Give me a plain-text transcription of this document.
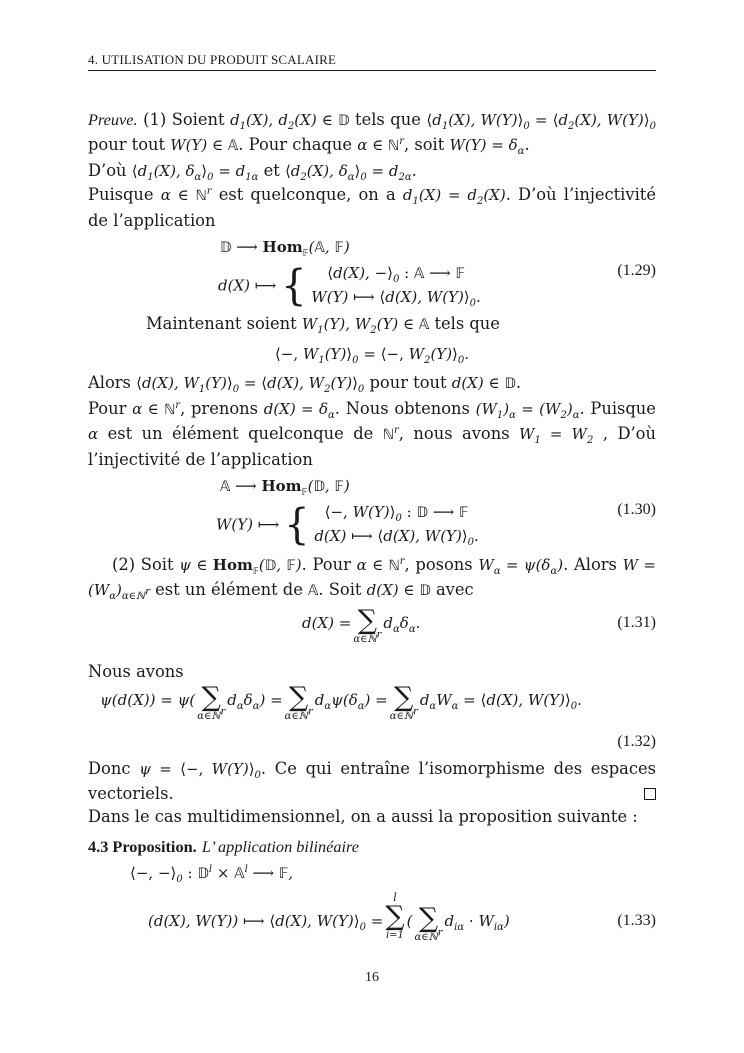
4. UTILISATION DU PRODUIT SCALAIRE

Preuve. (1) Soient $d_1(X)$, $d_2(X)$ ∈ 𝔻 tels que $⟨d_1(X)$, $W(Y)⟩_0$ = $⟨d_2(X)$, $W(Y)⟩_0$ pour tout W(Y) ∈ 𝔸. Pour chaque α ∈ ℕ$^r$, soit $W(Y) = \delta_\alpha$.

D’où $⟨d_1(X)$, $\delta_\alpha⟩_0 = d_{1\alpha}$ et $⟨d_2(X)$, $\delta_\alpha⟩_0 = d_{2\alpha}$.

Puisque α ∈ ℕ$^r$ est quelconque, on a $d_1(X) = d_2(X)$. D’où l’injectivité de l’application

𝔻 ⟶ Hom$_𝔽$(𝔸, 𝔽)
d(X) ⟼ {	⟨d(X), $-⟩_0$ : 𝔸 ⟶ 𝔽
W(Y) ⟼ ⟨d(X), $W(Y)⟩_0$.
(1.29)

Maintenant soient $W_1(Y)$, $W_2(Y)$ ∈ 𝔸 tels que

⟨−, $W_1(Y)⟩_0$ = ⟨−, $W_2(Y)⟩_0$.

Alors ⟨d(X), $W_1(Y)⟩_0$ = ⟨d(X), $W_2(Y)⟩_0$ pour tout d(X) ∈ 𝔻.

Pour α ∈ ℕ$^r$, prenons $d(X) = \delta_\alpha$. Nous obtenons $(W_1)_\alpha = (W_2)_\alpha$. Puisque α est un élément quelconque de ℕ$^r$, nous avons $W_1 = W_2$ , D’où l’injectivité de l’application

𝔸 ⟶ Hom$_𝔽$(𝔻, 𝔽)
W(Y) ⟼ {	⟨−, $W(Y)⟩_0$ : 𝔻 ⟶ 𝔽
d(X) ⟼ ⟨d(X), $W(Y)⟩_0$.
(1.30)

(2) Soit ψ ∈ Hom$_𝔽$(𝔻, 𝔽). Pour α ∈ ℕ$^r$, posons $W_\alpha = \psi(\delta_\alpha)$. Alors $W = (W_\alpha)_{\alpha\in ℕ^r}$ est un élément de 𝔸. Soit d(X) ∈ 𝔻 avec

d(X) = ∑
α∈ℕ$^r$
$d_\alpha\delta_\alpha$.	(1.31)

Nous avons

ψ(d(X)) = ψ( ∑
α∈ℕ$^r$
$d_\alpha\delta_\alpha$) = ∑
α∈ℕ$^r$
$d_\alpha\psi(\delta_\alpha)$ = ∑
α∈ℕ$^r$
$d_\alpha W_\alpha$ = ⟨d(X), $W(Y)⟩_0$.
(1.32)

Donc ψ = ⟨−, $W(Y)⟩_0$. Ce qui entraîne l’isomorphisme des espaces vectoriels.

Dans le cas multidimensionnel, on a aussi la proposition suivante :

4.3 Proposition. L’ application bilinéaire

⟨−, $-⟩_0$ : 𝔻$^l$ × 𝔸$^l$ ⟶ 𝔽,
(d(X), W(Y)) ⟼ ⟨d(X), $W(Y)⟩_0$ =
l
∑
i=1
( ∑
α∈ℕ$^r$
$d_{i\alpha} \cdot W_{i\alpha}$)	(1.33)
16
